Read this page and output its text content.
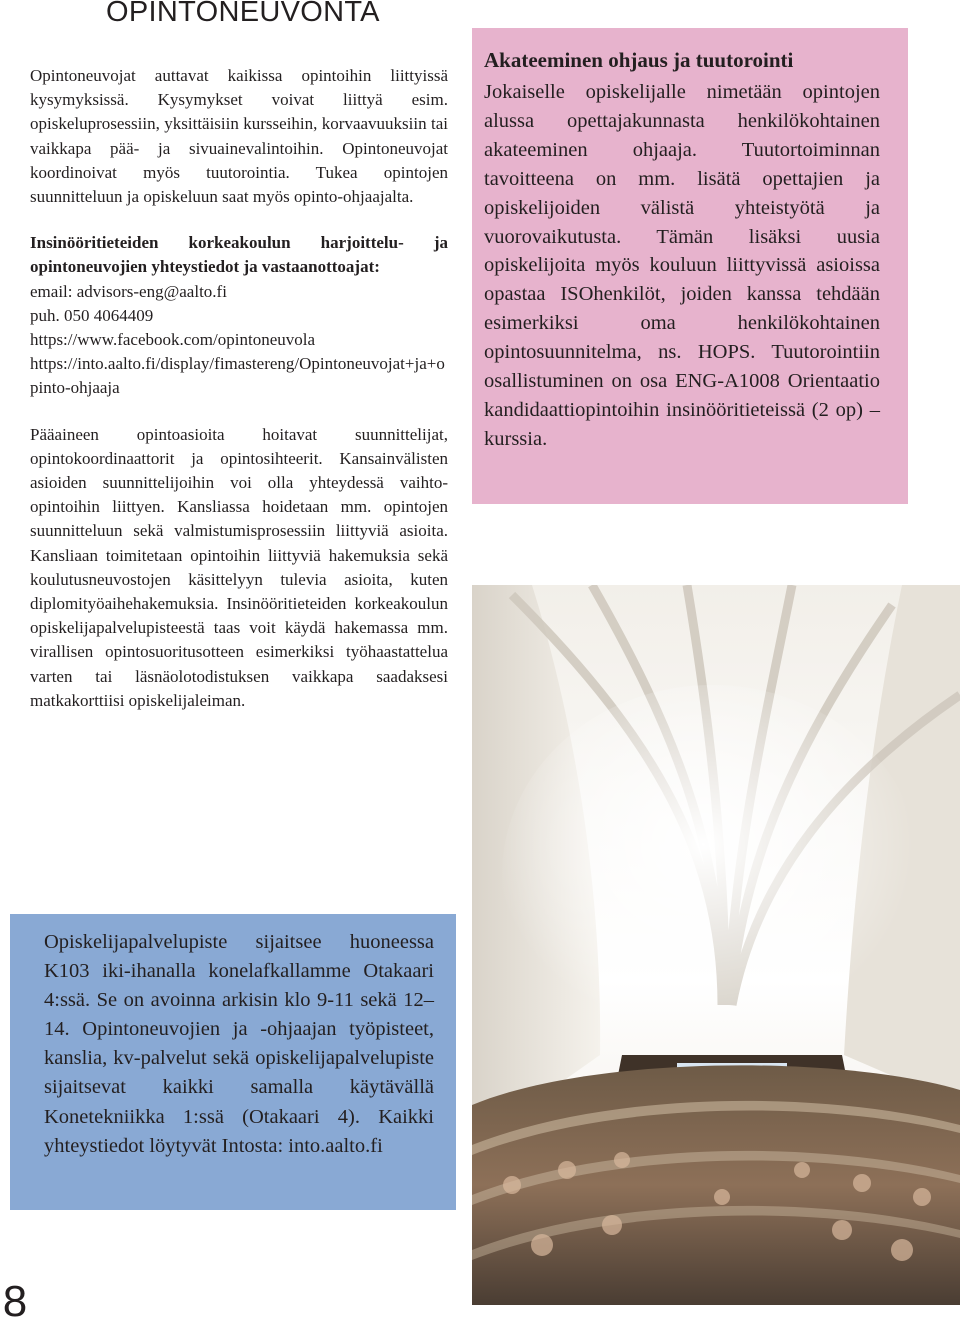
OPINTONEUVONTA

Opintoneuvojat auttavat kaikissa opintoihin liittyissä kysymyksissä. Kysymykset voivat liittyä esim. opiskeluprosessiin, yksittäisiin kursseihin, korvaavuuksiin tai vaikkapa pää- ja sivuainevalintoihin. Opintoneuvojat koordinoivat myös tuutorointia. Tukea opintojen suunnitteluun ja opiskeluun saat myös opinto-ohjaajalta.

Insinööritieteiden korkeakoulun harjoittelu- ja opintoneuvojien yhteystiedot ja vastaanottoajat:
email: advisors-eng@aalto.fi
puh. 050 4064409
https://www.facebook.com/opintoneuvola
https://into.aalto.fi/display/fimastereng/Opintoneuvojat+ja+opinto-ohjaaja

Pääaineen opintoasioita hoitavat suunnittelijat, opintokoordinaattorit ja opintosihteerit. Kansainvälisten asioiden suunnittelijoihin voi olla yhteydessä vaihto-opintoihin liittyen. Kansliassa hoidetaan mm. opintojen suunnitteluun sekä valmistumisprosessiin liittyviä asioita. Kansliaan toimitetaan opintoihin liittyviä hakemuksia sekä koulutusneuvostojen käsittelyyn tulevia asioita, kuten diplomityöaihehakemuksia. Insinööritieteiden korkeakoulun opiskelijapalvelupisteestä taas voit käydä hakemassa mm. virallisen opintosuoritusotteen esimerkiksi työhaastattelua varten tai läsnäolotodistuksen vaikkapa saadaksesi matkakorttiisi opiskelijaleiman.

Akateeminen ohjaus ja tuutorointi

Jokaiselle opiskelijalle nimetään opintojen alussa opettajakunnasta henkilökohtainen akateeminen ohjaaja. Tuutortoiminnan tavoitteena on mm. lisätä opettajien ja opiskelijoiden välistä yhteistyötä ja vuorovaikutusta. Tämän lisäksi uusia opiskelijoita myös kouluun liittyvissä asioissa opastaa ISOhenkilöt, joiden kanssa tehdään esimerkiksi oma henkilökohtainen opintosuunnitelma, ns. HOPS. Tuutorointiin osallistuminen on osa ENG-A1008 Orientaatio kandidaattiopintoihin insinööritieteissä (2 op) – kurssia.

Opiskelijapalvelupiste sijaitsee huoneessa K103 iki-ihanalla konelafkallamme Otakaari 4:ssä. Se on avoinna arkisin klo 9-11 sekä 12–14. Opintoneuvojien ja -ohjaajan työpisteet, kanslia, kv-palvelut sekä opiskelijapalvelupiste sijaitsevat kaikki samalla käytävällä Konetekniikka 1:ssä (Otakaari 4). Kaikki yhteystiedot löytyvät Intosta: into.aalto.fi

8
